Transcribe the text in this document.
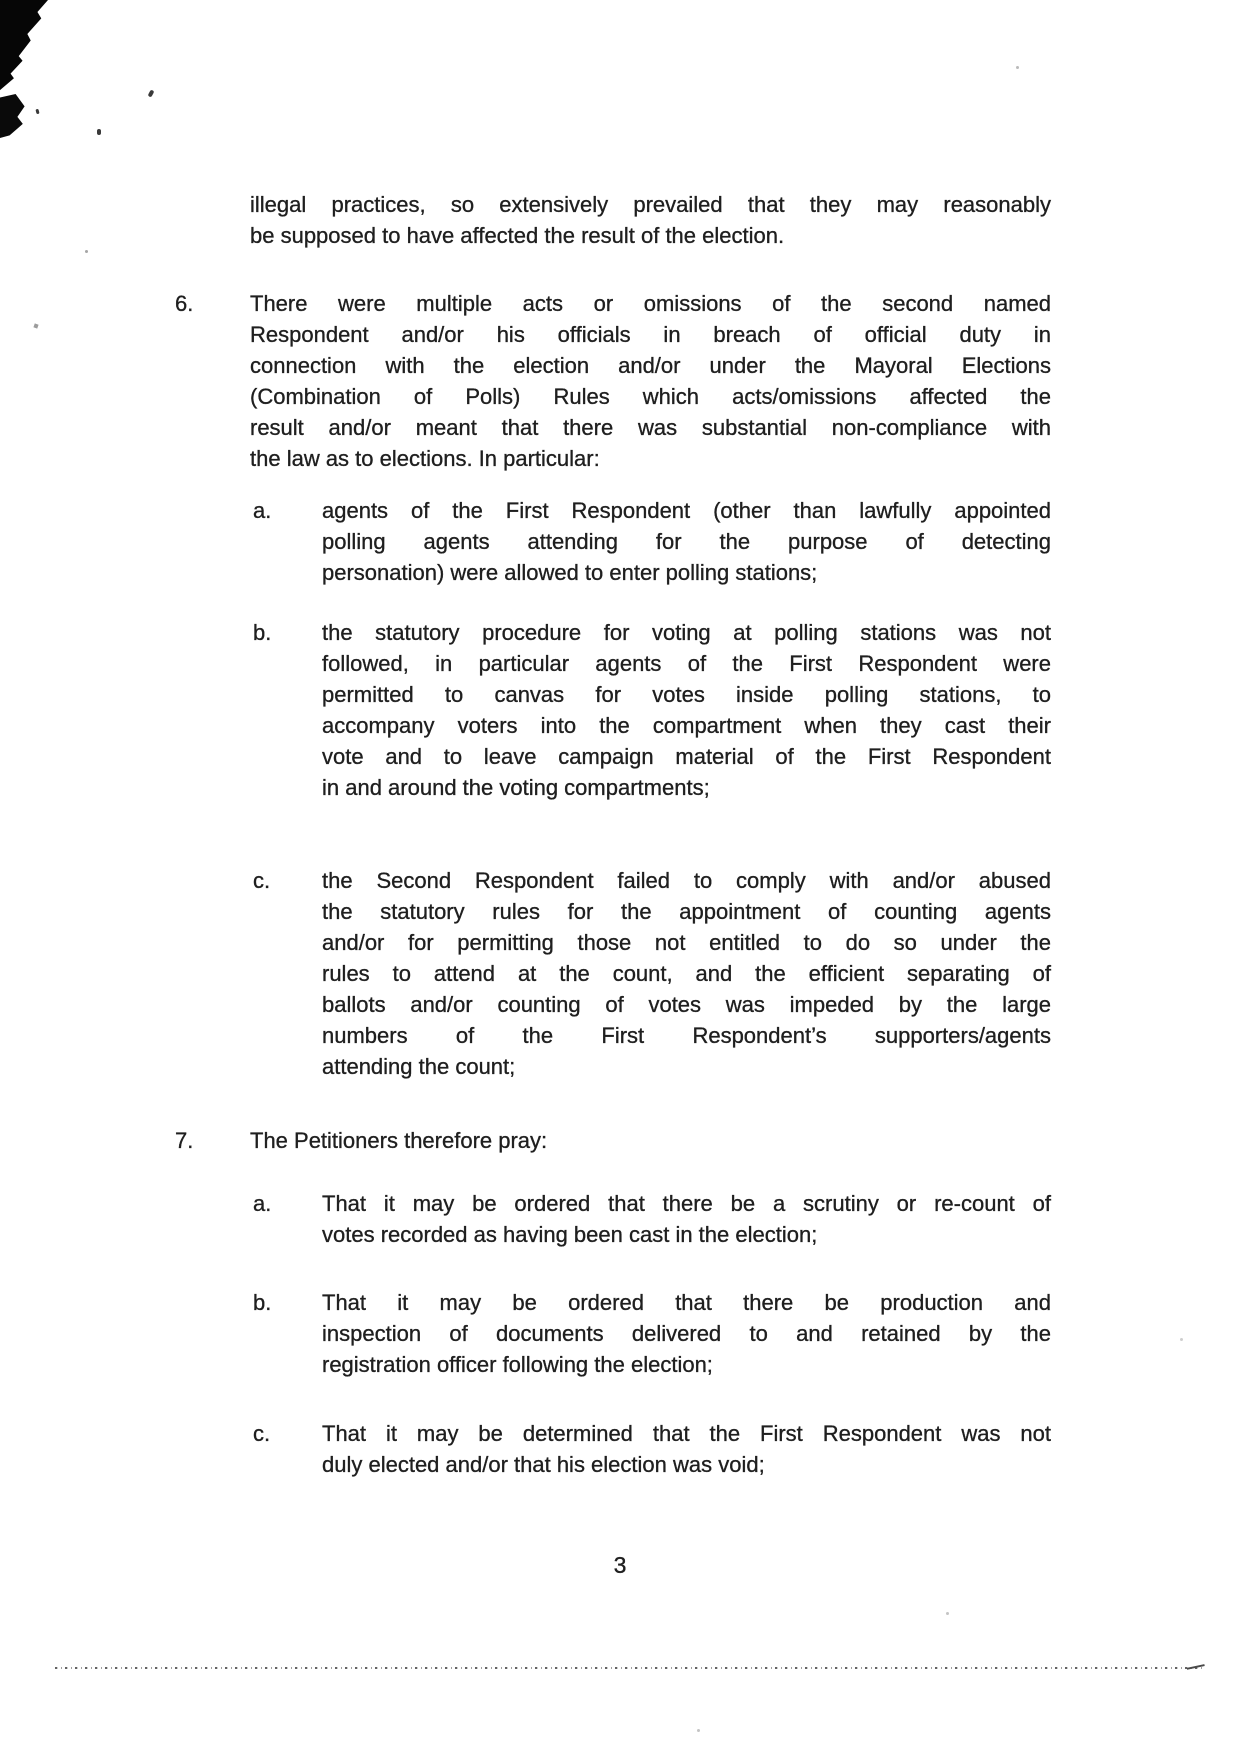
illegal practices, so extensively prevailed that they may reasonably
be supposed to have affected the result of the election.
6.	There were multiple acts or omissions of the second named
Respondent and/or his officials in breach of official duty in
connection with the election and/or under the Mayoral Elections
(Combination of Polls) Rules which acts/omissions affected the
result and/or meant that there was substantial non-compliance with
the law as to elections. In particular:
a.	agents of the First Respondent (other than lawfully appointed
polling agents attending for the purpose of detecting
personation) were allowed to enter polling stations;
b.	the statutory procedure for voting at polling stations was not
followed, in particular agents of the First Respondent were
permitted to canvas for votes inside polling stations, to
accompany voters into the compartment when they cast their
vote and to leave campaign material of the First Respondent
in and around the voting compartments;
c.	the Second Respondent failed to comply with and/or abused
the statutory rules for the appointment of counting agents
and/or for permitting those not entitled to do so under the
rules to attend at the count, and the efficient separating of
ballots and/or counting of votes was impeded by the large
numbers of the First Respondent’s supporters/agents
attending the count;
7.	The Petitioners therefore pray:
a.	That it may be ordered that there be a scrutiny or re-count of
votes recorded as having been cast in the election;
b.	That it may be ordered that there be production and
inspection of documents delivered to and retained by the
registration officer following the election;
c.	That it may be determined that the First Respondent was not
duly elected and/or that his election was void;
3
